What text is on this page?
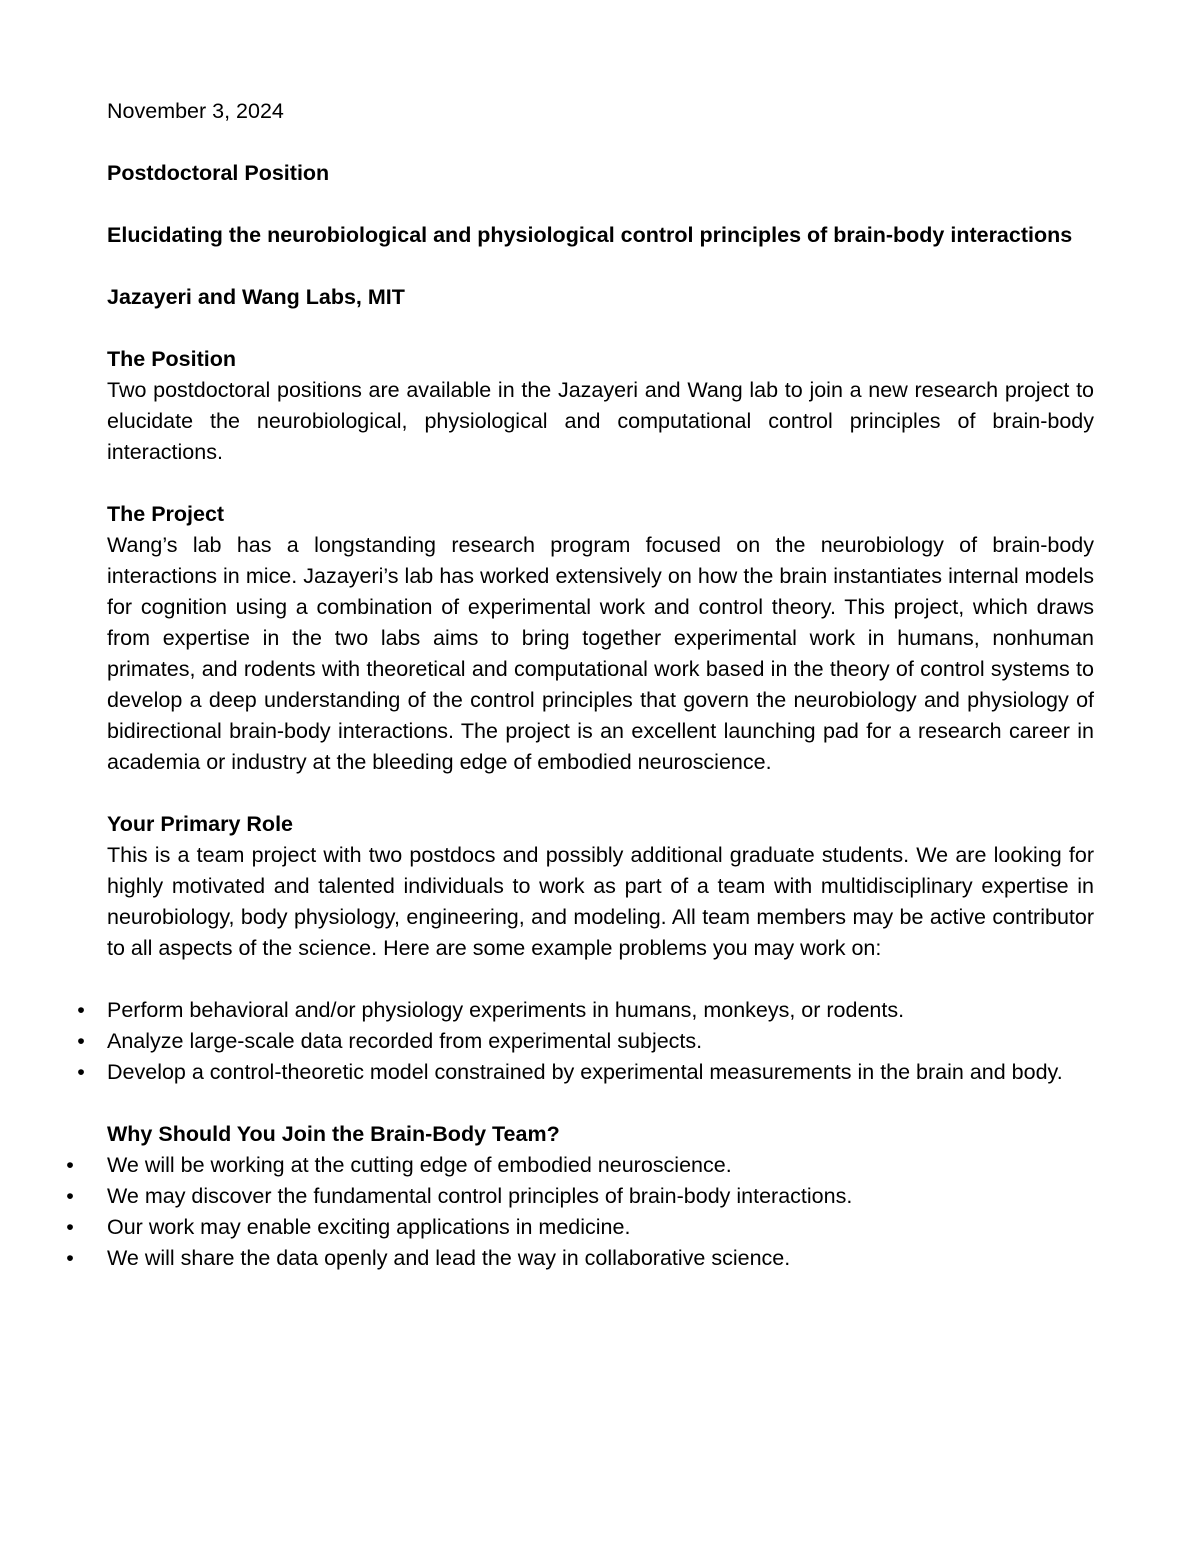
November 3, 2024
Postdoctoral Position
Elucidating the neurobiological and physiological control principles of brain-body interactions
Jazayeri and Wang Labs, MIT
The Position
Two postdoctoral positions are available in the Jazayeri and Wang lab to join a new research project to elucidate the neurobiological, physiological and computational control principles of brain-body interactions.
The Project
Wang’s lab has a longstanding research program focused on the neurobiology of brain-body interactions in mice. Jazayeri’s lab has worked extensively on how the brain instantiates internal models for cognition using a combination of experimental work and control theory. This project, which draws from expertise in the two labs aims to bring together experimental work in humans, nonhuman primates, and rodents with theoretical and computational work based in the theory of control systems to develop a deep understanding of the control principles that govern the neurobiology and physiology of bidirectional brain-body interactions. The project is an excellent launching pad for a research career in academia or industry at the bleeding edge of embodied neuroscience.
Your Primary Role
This is a team project with two postdocs and possibly additional graduate students. We are looking for highly motivated and talented individuals to work as part of a team with multidisciplinary expertise in neurobiology, body physiology, engineering, and modeling. All team members may be active contributor to all aspects of the science. Here are some example problems you may work on:
• Perform behavioral and/or physiology experiments in humans, monkeys, or rodents.
• Analyze large-scale data recorded from experimental subjects.
• Develop a control-theoretic model constrained by experimental measurements in the brain and body.
Why Should You Join the Brain-Body Team?
• We will be working at the cutting edge of embodied neuroscience.
• We may discover the fundamental control principles of brain-body interactions.
• Our work may enable exciting applications in medicine.
• We will share the data openly and lead the way in collaborative science.
